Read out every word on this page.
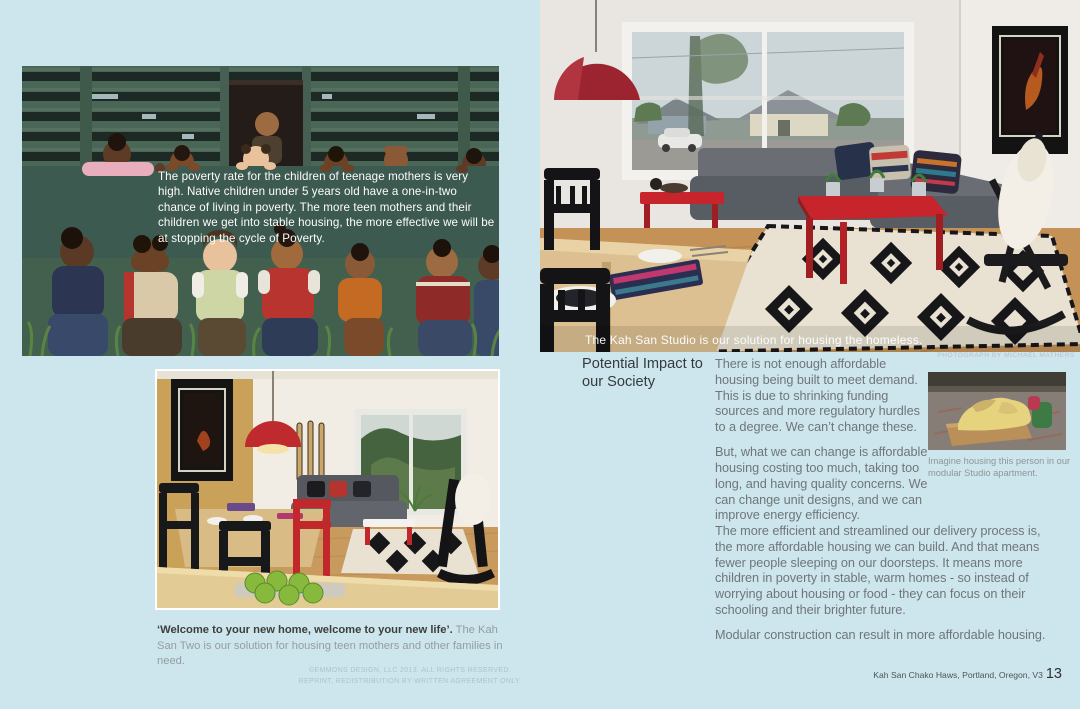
The poverty rate for the children of teenage mothers is very high. Native children under 5 years old have a one-in-two chance of living in poverty. The more teen mothers and their children we get into stable housing, the more effective we will be at stopping the cycle of Poverty.

‘Welcome to your new home, welcome to your new life’. The Kah San Two is our solution for housing teen mothers and other families in need.

©EMMONS DESIGN, LLC 2013. ALL RIGHTS RESERVED.
REPRINT, REDISTRIBUTION BY WRITTEN AGREEMENT ONLY.
The Kah San Studio is our solution for housing the homeless.
PHOTOGRAPH BY MICHAEL MATHERS
Potential Impact to our Society

There is not enough affordable housing being built to meet demand. This is due to shrinking funding sources and more regulatory hurdles to a degree. We can’t change these.

But, what we can change is affordable housing costing too much, taking too long, and having quality concerns. We can change unit designs, and we can improve energy efficiency.

Imagine housing this person in our modular Studio apartment.

The more efficient and streamlined our delivery process is, the more affordable housing we can build. And that means fewer people sleeping on our doorsteps. It means more children in poverty in stable, warm homes - so instead of worrying about housing or food - they can focus on their schooling and their brighter future.

Modular construction can result in more affordable housing.

Kah San Chako Haws, Portland, Oregon, V3 13
